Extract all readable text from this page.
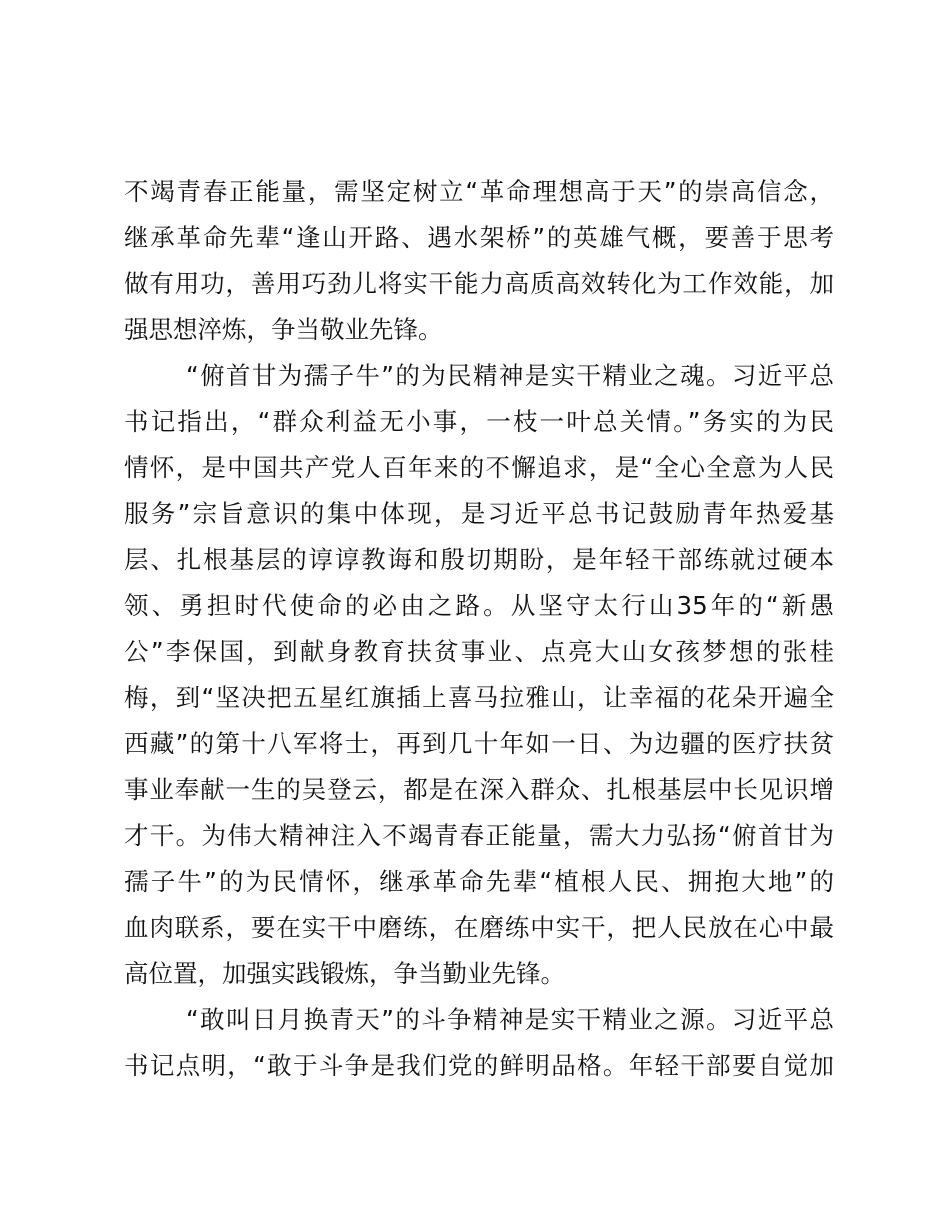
不竭青春正能量，需坚定树立“革命理想高于天”的崇高信念，
继承革命先辈“逢山开路、遇水架桥”的英雄气概，要善于思考
做有用功，善用巧劲儿将实干能力高质高效转化为工作效能，加
强思想淬炼，争当敬业先锋。
“俯首甘为孺子牛”的为民精神是实干精业之魂。习近平总
书记指出，“群众利益无小事，一枝一叶总关情。”务实的为民
情怀，是中国共产党人百年来的不懈追求，是“全心全意为人民
服务”宗旨意识的集中体现，是习近平总书记鼓励青年热爱基
层、扎根基层的谆谆教诲和殷切期盼，是年轻干部练就过硬本
领、勇担时代使命的必由之路。从坚守太行山35年的“新愚
公”李保国，到献身教育扶贫事业、点亮大山女孩梦想的张桂
梅，到“坚决把五星红旗插上喜马拉雅山，让幸福的花朵开遍全
西藏”的第十八军将士，再到几十年如一日、为边疆的医疗扶贫
事业奉献一生的吴登云，都是在深入群众、扎根基层中长见识增
才干。为伟大精神注入不竭青春正能量，需大力弘扬“俯首甘为
孺子牛”的为民情怀，继承革命先辈“植根人民、拥抱大地”的
血肉联系，要在实干中磨练，在磨练中实干，把人民放在心中最
高位置，加强实践锻炼，争当勤业先锋。
“敢叫日月换青天”的斗争精神是实干精业之源。习近平总
书记点明，“敢于斗争是我们党的鲜明品格。年轻干部要自觉加
